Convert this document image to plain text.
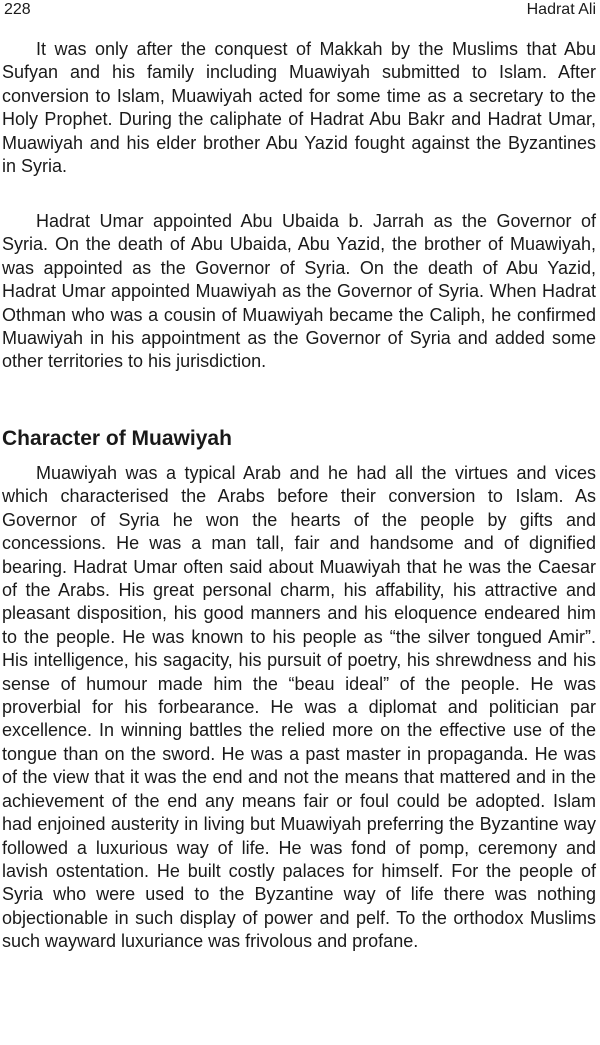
228	Hadrat Ali

It was only after the conquest of Makkah by the Muslims that Abu Sufyan and his family including Muawiyah submitted to Islam. After conversion to Islam, Muawiyah acted for some time as a secretary to the Holy Prophet. During the caliphate of Hadrat Abu Bakr and Hadrat Umar, Muawiyah and his elder brother Abu Yazid fought against the Byzantines in Syria.

Hadrat Umar appointed Abu Ubaida b. Jarrah as the Governor of Syria. On the death of Abu Ubaida, Abu Yazid, the brother of Muawiyah, was appointed as the Governor of Syria. On the death of Abu Yazid, Hadrat Umar appointed Muawiyah as the Governor of Syria. When Hadrat Othman who was a cousin of Muawiyah became the Caliph, he confirmed Muawiyah in his appointment as the Governor of Syria and added some other territories to his jurisdiction.

Character of Muawiyah

Muawiyah was a typical Arab and he had all the virtues and vices which characterised the Arabs before their conversion to Islam. As Governor of Syria he won the hearts of the people by gifts and concessions. He was a man tall, fair and handsome and of dignified bearing. Hadrat Umar often said about Muawiyah that he was the Caesar of the Arabs. His great personal charm, his affability, his attractive and pleasant disposition, his good manners and his eloquence endeared him to the people. He was known to his people as “the silver tongued Amir”. His intelligence, his sagacity, his pursuit of poetry, his shrewdness and his sense of humour made him the “beau ideal” of the people. He was proverbial for his forbearance. He was a diplomat and politician par excellence. In winning battles the relied more on the effective use of the tongue than on the sword. He was a past master in propaganda. He was of the view that it was the end and not the means that mattered and in the achievement of the end any means fair or foul could be adopted. Islam had enjoined austerity in living but Muawiyah preferring the Byzantine way followed a luxurious way of life. He was fond of pomp, ceremony and lavish ostentation. He built costly palaces for himself. For the people of Syria who were used to the Byzantine way of life there was nothing objectionable in such display of power and pelf. To the orthodox Muslims such wayward luxuriance was frivolous and profane.
